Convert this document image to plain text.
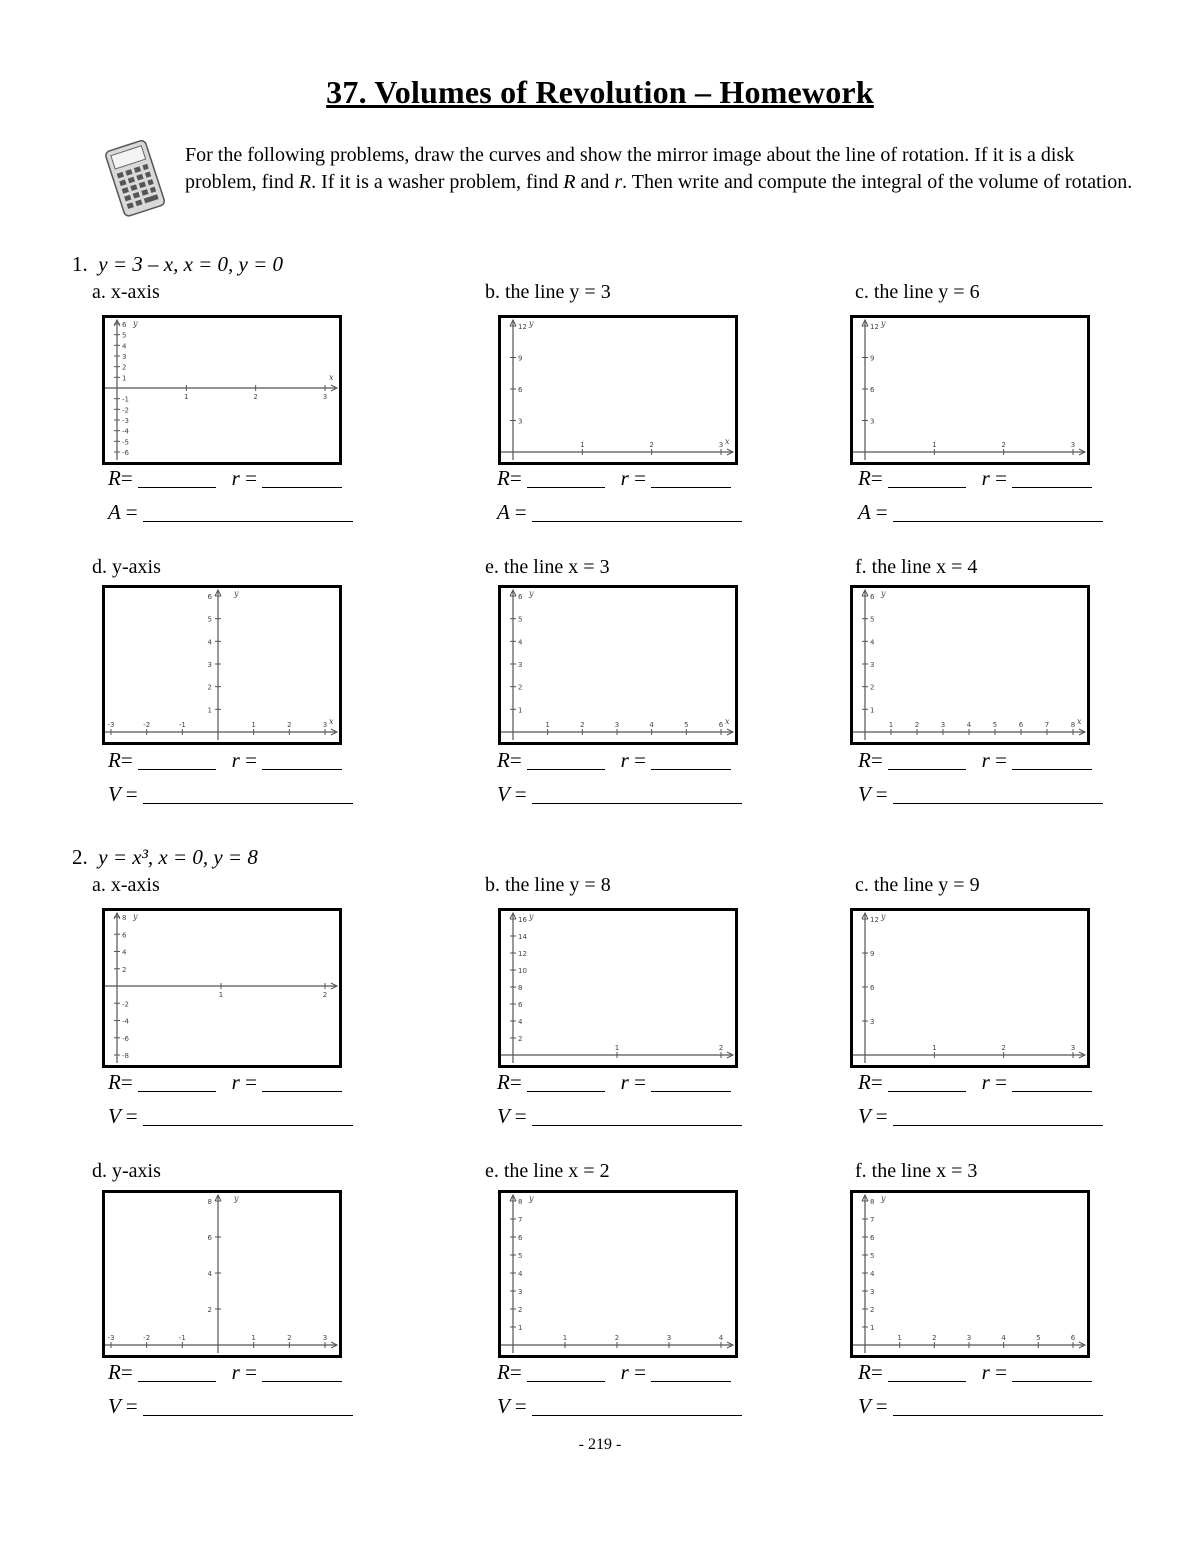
37. Volumes of Revolution – Homework
For the following problems, draw the curves and show the mirror image about the line of rotation. If it is a disk problem, find R. If it is a washer problem, find R and r. Then write and compute the integral of the volume of rotation.
1. y = 3 – x, x = 0, y = 0
2. y = x³, x = 0, y = 8
a. x-axis
1	2	3
6
5
4
3
2
1
-1
-2
-3
-4
-5
-6
y
x
R=	r =
A =
b. the line y = 3
1	2	3
12
9
6
3
y
x
R=	r =
A =
c. the line y = 6
1	2	3
12
9
6
3
y
R=	r =
A =
d. y-axis
-3	-2	-1	1	2	3
6
5
4
3
2
1
y
x
R=	r =
V =
e. the line x = 3
1	2	3	4	5	6
6
5
4
3
2
1
y
x
R=	r =
V =
f. the line x = 4
1	2	3	4	5	6	7	8
6
5
4
3
2
1
y
x
R=	r =
V =
a. x-axis
1	2
8
6
4
2
-2
-4
-6
-8
y
R=	r =
V =
b. the line y = 8
1	2
16
14
12
10
8
6
4
2
y
R=	r =
V =
c. the line y = 9
1	2	3
12
9
6
3
y
R=	r =
V =
d. y-axis
-3	-2	-1	1	2	3
8
6
4
2
y
R=	r =
V =
e. the line x = 2
1	2	3	4
8
7
6
5
4
3
2
1
y
R=	r =
V =
f. the line x = 3
1	2	3	4	5	6
8
7
6
5
4
3
2
1
y
R=	r =
V =
- 219 -
